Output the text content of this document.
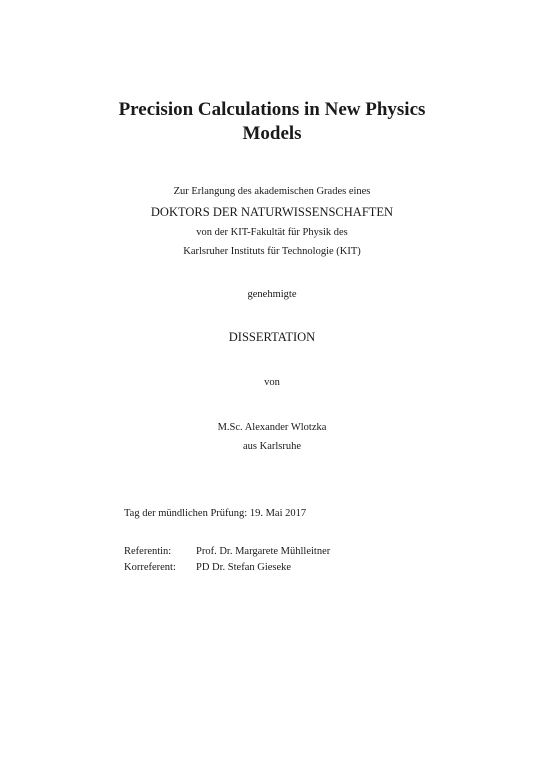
Precision Calculations in New Physics
Models
Zur Erlangung des akademischen Grades eines
DOKTORS DER NATURWISSENSCHAFTEN
von der KIT-Fakultät für Physik des
Karlsruher Instituts für Technologie (KIT)
genehmigte
DISSERTATION
von
M.Sc. Alexander Wlotzka
aus Karlsruhe
Tag der mündlichen Prüfung: 19. Mai 2017
Referentin:	Prof. Dr. Margarete Mühlleitner
Korreferent:	PD Dr. Stefan Gieseke
